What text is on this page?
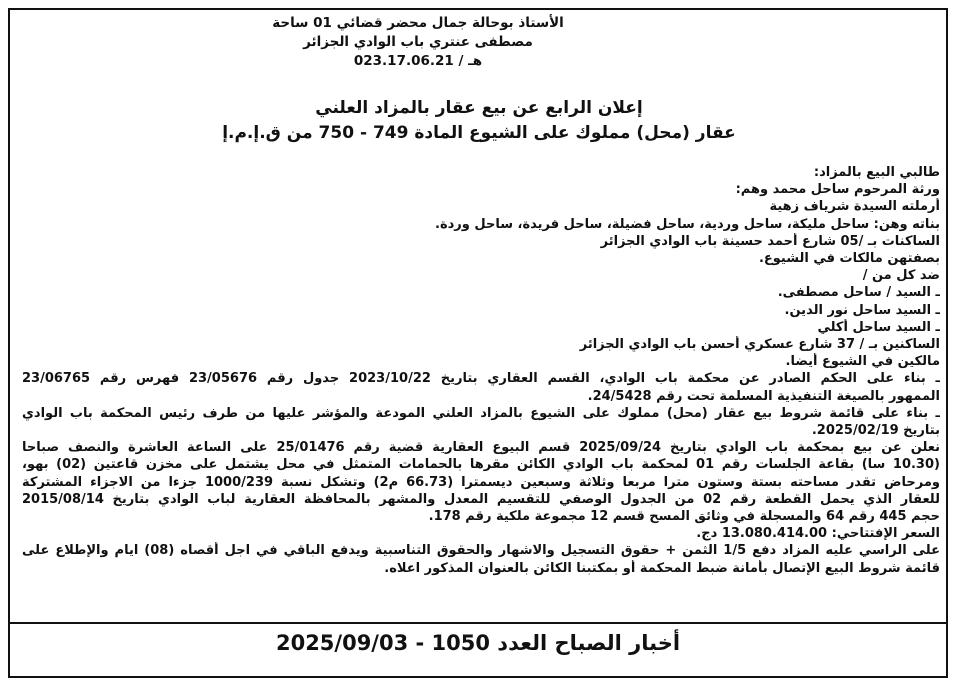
الأستاذ بوحالة جمال محضر قضائي 01 ساحة
مصطفى عنتري باب الوادي الجزائر
هـ / 023.17.06.21
إعلان الرابع عن بيع عقار بالمزاد العلني
عقار (محل) مملوك على الشيوع المادة 749 - 750 من ق.إ.م.إ

طالبي البيع بالمزاد:

ورثة المرحوم ساحل محمد وهم:

أرملته السيدة شرياف زهية

بناته وهن: ساحل مليكة، ساحل وردية، ساحل فضيلة، ساحل فريدة، ساحل وردة.

الساكنات بـ /05 شارع أحمد حسينة باب الوادي الجزائر

بصفتهن مالكات في الشيوع.

ضد كل من /

ـ السيد / ساحل مصطفى.

ـ السيد ساحل نور الدين.

ـ السيد ساحل أكلي

الساكنين بـ / 37 شارع عسكري أحسن باب الوادي الجزائر

مالكين في الشيوع أيضا.

ـ بناء على الحكم الصادر عن محكمة باب الوادي، القسم العقاري بتاريخ 2023/10/22 جدول رقم 23/05676 فهرس رقم 23/06765

الممهور بالصيغة التنفيذية المسلمة تحت رقم 24/5428.

ـ بناء على قائمة شروط بيع عقار (محل) مملوك على الشيوع بالمزاد العلني المودعة والمؤشر عليها من طرف رئيس المحكمة باب الوادي

بتاريخ 2025/02/19.

نعلن عن بيع بمحكمة باب الوادي بتاريخ 2025/09/24 قسم البيوع العقارية قضية رقم 25/01476 على الساعة العاشرة والنصف صباحا

(10.30 سا) بقاعة الجلسات رقم 01 لمحكمة باب الوادي الكائن مقرها بالحمامات المتمثل في محل يشتمل على مخزن قاعتين (02) بهو،

ومرحاض تقدر مساحته بستة وستون مترا مربعا وثلاثة وسبعين ديسمترا (66.73 م2) وتشكل نسبة 1000/239 جزءا من الاجزاء المشتركة

للعقار الذي يحمل القطعة رقم 02 من الجدول الوصفي للتقسيم المعدل والمشهر بالمحافظة العقارية لباب الوادي بتاريخ 2015/08/14

حجم 445 رقم 64 والمسجلة في وثائق المسح قسم 12 مجموعة ملكية رقم 178.

السعر الإفتتاحي: 13.080.414.00 دج.

على الراسي عليه المزاد دفع 1/5 الثمن + حقوق التسجيل والاشهار والحقوق التناسبية ويدفع الباقي في اجل أقصاه (08) ايام والإطلاع على

قائمة شروط البيع الإتصال بأمانة ضبط المحكمة أو بمكتبنا الكائن بالعنوان المذكور اعلاه.

أخبار الصباح العدد 1050 - 2025/09/03
